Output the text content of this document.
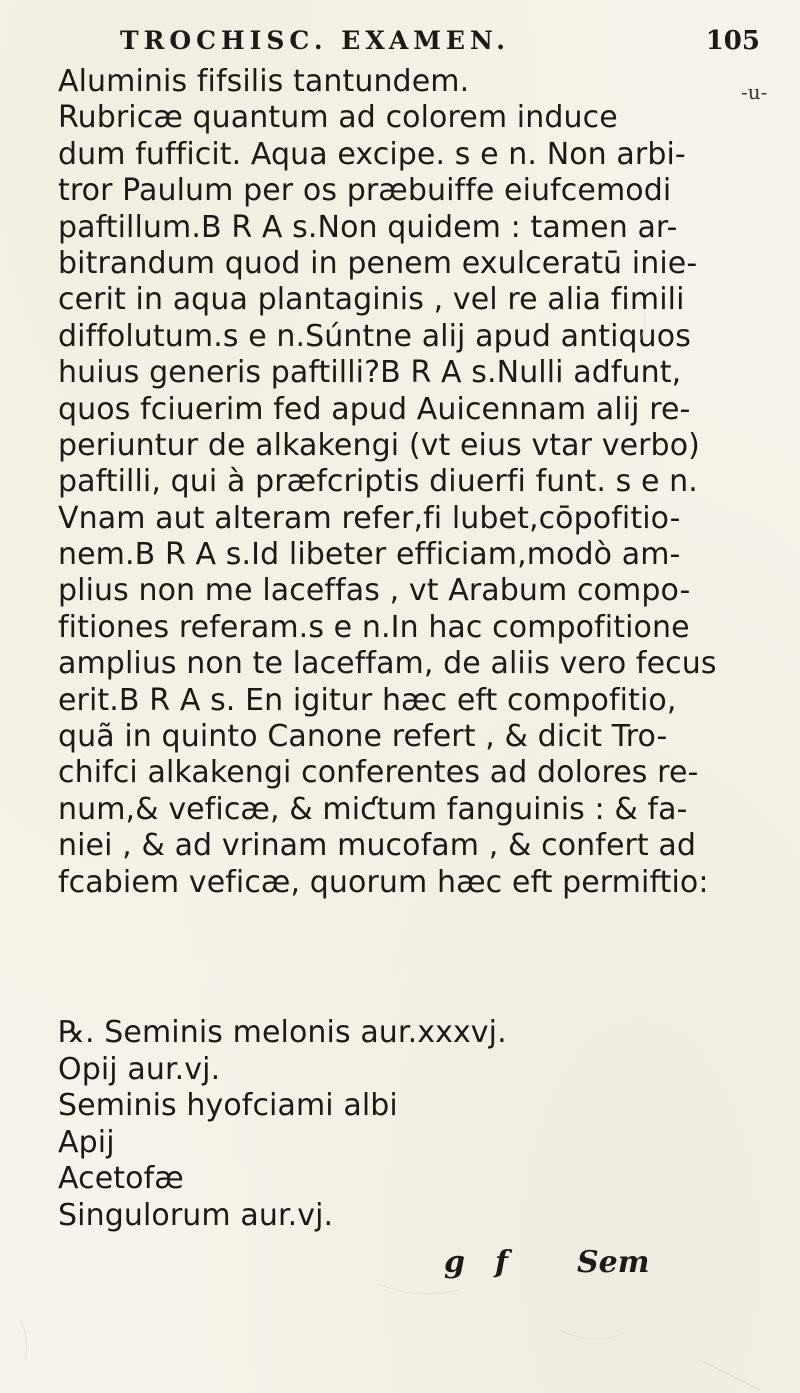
TROCHISC. EXAMEN.	105
-u-
Aluminis fifsilis tantundem.
Rubricæ quantum ad colorem induce
dum fufficit. Aqua excipe. s e n. Non arbi-
tror Paulum per os præbuiffe eiufcemodi
paftillum.B R A s.Non quidem : tamen ar-
bitrandum quod in penem exulceratū inie-
cerit in aqua plantaginis , vel re alia fimili
diffolutum.s e n.Súntne alij apud antiquos
huius generis paftilli?B R A s.Nulli adfunt,
quos fciuerim fed apud Auicennam alij re-
periuntur de alkakengi (vt eius vtar verbo)
paftilli, qui à præfcriptis diuerfi funt. s e n.
Vnam aut alteram refer,fi lubet,cōpofitio-
nem.B R A s.Id libeter efficiam,modò am-
plius non me laceffas , vt Arabum compo-
fitiones referam.s e n.In hac compofitione
amplius non te laceffam, de aliis vero fecus
erit.B R A s. En igitur hæc eft compofitio,
quã in quinto Canone refert , & dicit Tro-
chifci alkakengi conferentes ad dolores re-
num,& veficæ, & miƈtum fanguinis : & fa-
niei , & ad vrinam mucofam , & confert ad
fcabiem veficæ, quorum hæc eft permiftio:
℞. Seminis melonis aur.xxxvj.
Opij aur.vj.
Seminis hyofciami albi
Apij
Acetofæ
Singulorum aur.vj.
g f Sem
